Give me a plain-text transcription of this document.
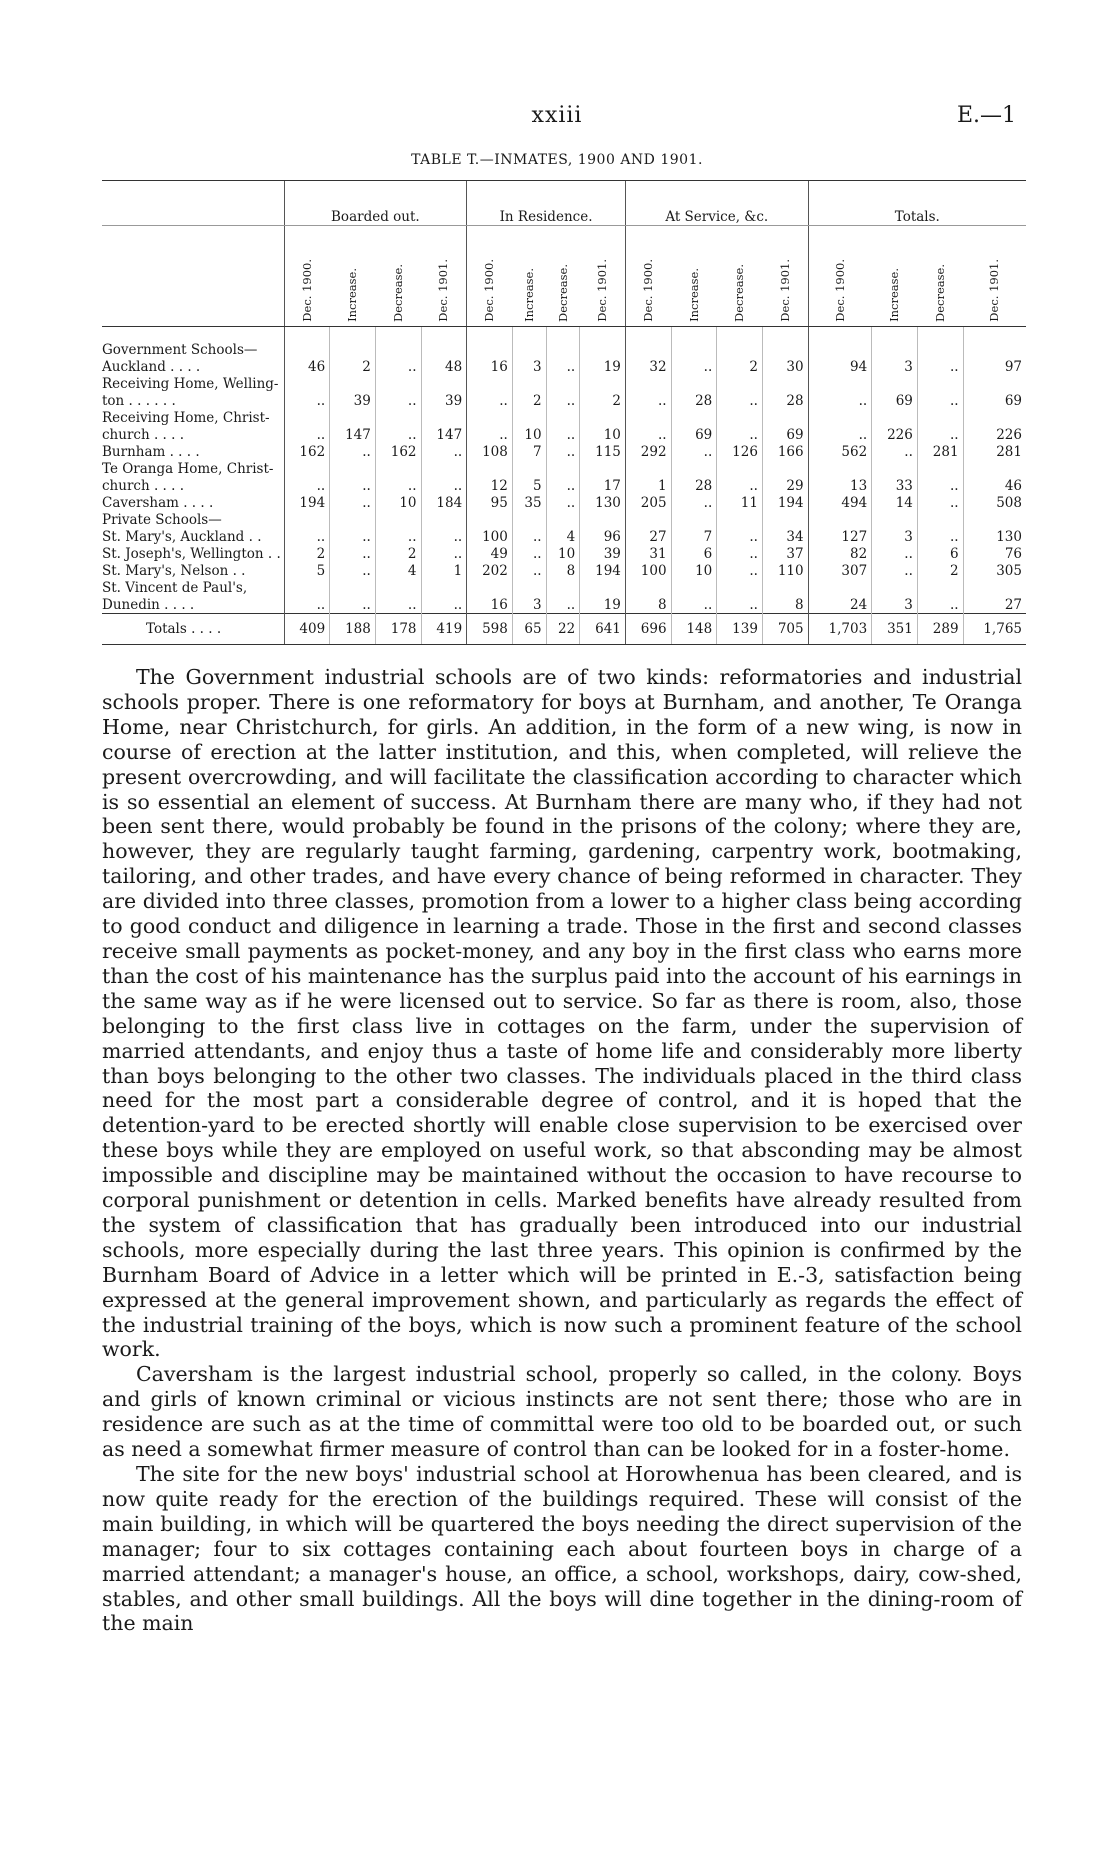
xxiii	E.—1
TABLE T.—INMATES, 1900 AND 1901.
	Boarded out.				In Residence.				At Service, &c.				Totals.			
	Dec. 1900.	Increase.	Decrease.	Dec. 1901.	Dec. 1900.	Increase.	Decrease.	Dec. 1901.	Dec. 1900.	Increase.	Decrease.	Dec. 1901.	Dec. 1900.	Increase.	Decrease.	Dec. 1901.
Government Schools—																
Auckland . . . .	46	2	..	48	16	3	..	19	32	..	2	30	94	3	..	97
Receiving Home, Welling-																
ton . . . . . .	..	39	..	39	..	2	..	2	..	28	..	28	..	69	..	69
Receiving Home, Christ-																
church . . . .	..	147	..	147	..	10	..	10	..	69	..	69	..	226	..	226
Burnham . . . .	162	..	162	..	108	7	..	115	292	..	126	166	562	..	281	281
Te Oranga Home, Christ-																
church . . . .	..	..	..	..	12	5	..	17	1	28	..	29	13	33	..	46
Caversham . . . .	194	..	10	184	95	35	..	130	205	..	11	194	494	14	..	508
Private Schools—																
St. Mary's, Auckland . .	..	..	..	..	100	..	4	96	27	7	..	34	127	3	..	130
St. Joseph's, Wellington . .	2	..	2	..	49	..	10	39	31	6	..	37	82	..	6	76
St. Mary's, Nelson . .	5	..	4	1	202	..	8	194	100	10	..	110	307	..	2	305
St. Vincent de Paul's,																
Dunedin . . . .	..	..	..	..	16	3	..	19	8	..	..	8	24	3	..	27
Totals . . . .	409	188	178	419	598	65	22	641	696	148	139	705	1,703	351	289	1,765

The Government industrial schools are of two kinds: reformatories and industrial schools proper. There is one reformatory for boys at Burnham, and another, Te Oranga Home, near Christchurch, for girls. An addition, in the form of a new wing, is now in course of erection at the latter institution, and this, when completed, will relieve the present overcrowding, and will facilitate the classification according to character which is so essential an element of success. At Burnham there are many who, if they had not been sent there, would probably be found in the prisons of the colony; where they are, however, they are regularly taught farming, gardening, carpentry work, bootmaking, tailoring, and other trades, and have every chance of being reformed in character. They are divided into three classes, promotion from a lower to a higher class being according to good conduct and diligence in learning a trade. Those in the first and second classes receive small payments as pocket-money, and any boy in the first class who earns more than the cost of his maintenance has the surplus paid into the account of his earnings in the same way as if he were licensed out to service. So far as there is room, also, those belonging to the first class live in cottages on the farm, under the supervision of married attendants, and enjoy thus a taste of home life and considerably more liberty than boys belonging to the other two classes. The individuals placed in the third class need for the most part a considerable degree of control, and it is hoped that the detention-yard to be erected shortly will enable close supervision to be exercised over these boys while they are employed on useful work, so that absconding may be almost impossible and discipline may be maintained without the occasion to have recourse to corporal punishment or detention in cells. Marked benefits have already resulted from the system of classification that has gradually been introduced into our industrial schools, more especially during the last three years. This opinion is confirmed by the Burnham Board of Advice in a letter which will be printed in E.-3, satisfaction being expressed at the general improvement shown, and particularly as regards the effect of the industrial training of the boys, which is now such a prominent feature of the school work.

Caversham is the largest industrial school, properly so called, in the colony. Boys and girls of known criminal or vicious instincts are not sent there; those who are in residence are such as at the time of committal were too old to be boarded out, or such as need a somewhat firmer measure of control than can be looked for in a foster-home.

The site for the new boys' industrial school at Horowhenua has been cleared, and is now quite ready for the erection of the buildings required. These will consist of the main building, in which will be quartered the boys needing the direct supervision of the manager; four to six cottages containing each about fourteen boys in charge of a married attendant; a manager's house, an office, a school, workshops, dairy, cow-shed, stables, and other small buildings. All the boys will dine together in the dining-room of the main
